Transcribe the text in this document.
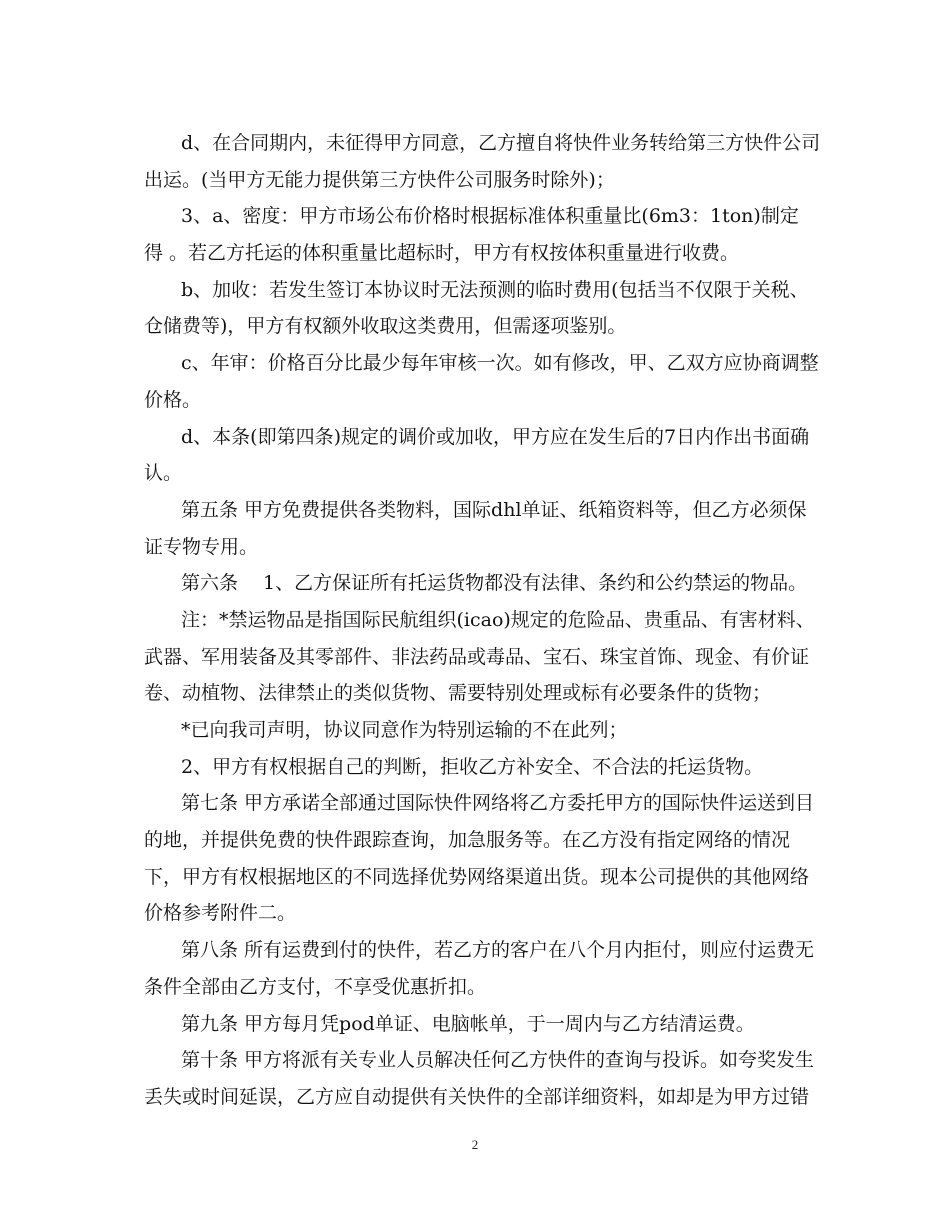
d、在合同期内，未征得甲方同意，乙方擅自将快件业务转给第三方快件公司
出运。(当甲方无能力提供第三方快件公司服务时除外)；

3、a、密度：甲方市场公布价格时根据标准体积重量比(6m3：1ton)制定
得 。若乙方托运的体积重量比超标时，甲方有权按体积重量进行收费。

b、加收：若发生签订本协议时无法预测的临时费用(包括当不仅限于关税、
仓储费等)，甲方有权额外收取这类费用，但需逐项鉴别。

c、年审：价格百分比最少每年审核一次。如有修改，甲、乙双方应协商调整
价格。

d、本条(即第四条)规定的调价或加收，甲方应在发生后的7日内作出书面确
认。

第五条 甲方免费提供各类物料，国际dhl单证、纸箱资料等，但乙方必须保
证专物专用。

第六条　 1、乙方保证所有托运货物都没有法律、条约和公约禁运的物品。

注：*禁运物品是指国际民航组织(icao)规定的危险品、贵重品、有害材料、
武器、军用装备及其零部件、非法药品或毒品、宝石、珠宝首饰、现金、有价证
卷、动植物、法律禁止的类似货物、需要特别处理或标有必要条件的货物；

*已向我司声明，协议同意作为特别运输的不在此列；

2、甲方有权根据自己的判断，拒收乙方补安全、不合法的托运货物。

第七条 甲方承诺全部通过国际快件网络将乙方委托甲方的国际快件运送到目
的地，并提供免费的快件跟踪查询，加急服务等。在乙方没有指定网络的情况
下，甲方有权根据地区的不同选择优势网络渠道出货。现本公司提供的其他网络
价格参考附件二。

第八条 所有运费到付的快件，若乙方的客户在八个月内拒付，则应付运费无
条件全部由乙方支付，不享受优惠折扣。

第九条 甲方每月凭pod单证、电脑帐单，于一周内与乙方结清运费。

第十条 甲方将派有关专业人员解决任何乙方快件的查询与投诉。如夸奖发生
丢失或时间延误，乙方应自动提供有关快件的全部详细资料，如却是为甲方过错

2
